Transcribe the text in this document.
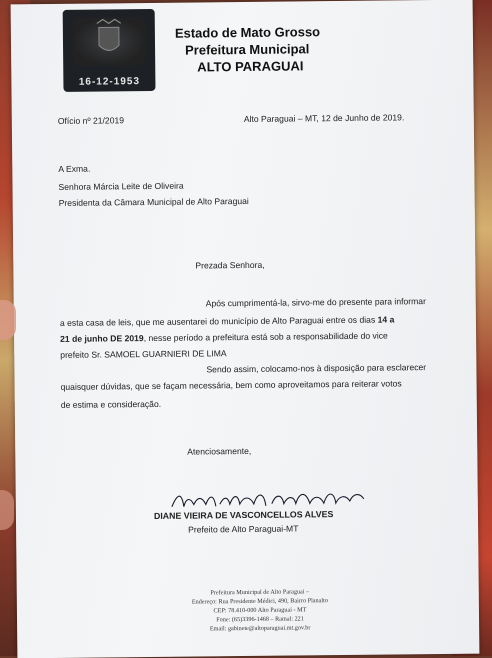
16-12-1953
Estado de Mato Grosso
Prefeitura Municipal
ALTO PARAGUAI
Ofício nº 21/2019	Alto Paraguai – MT, 12 de Junho de 2019.
A Exma.
Senhora Márcia Leite de Oliveira
Presidenta da Câmara Municipal de Alto Paraguai
Prezada Senhora,
Após cumprimentá-la, sirvo-me do presente para informar
a esta casa de leis, que me ausentarei do município de Alto Paraguai entre os dias 14 a
21 de junho DE 2019, nesse período a prefeitura está sob a responsabilidade do vice
prefeito Sr. SAMOEL GUARNIERI DE LIMA
Sendo assim, colocamo-nos à disposição para esclarecer
quaisquer dúvidas, que se façam necessária, bem como aproveitamos para reiterar votos
de estima e consideração.
Atenciosamente,
DIANE VIEIRA DE VASCONCELLOS ALVES
Prefeito de Alto Paraguai-MT
Prefeitura Municipal de Alto Paraguai –
Endereço: Rua Presidente Médici, 490, Bairro Planalto
CEP: 78.410-000 Alto Paraguai - MT
Fone: (65)3396-1468 – Ramal: 221
Email: gabinete@altoparaguai.mt.gov.br
